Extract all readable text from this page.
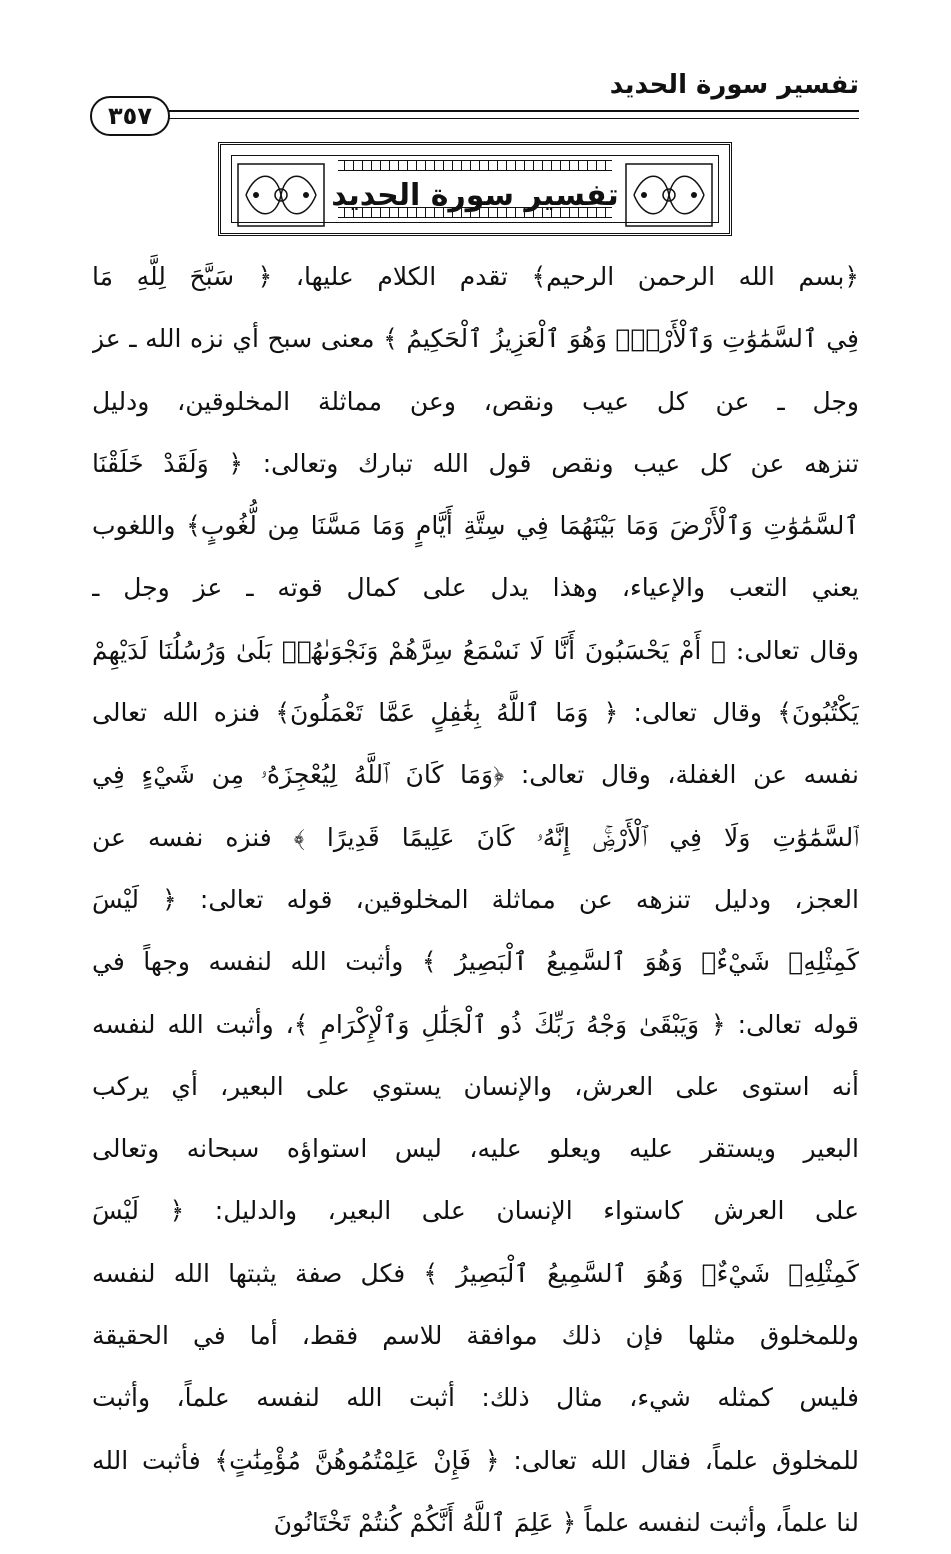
تفسير سورة الحديد
٣٥٧
تفسير سورة الحديد
﴿بسم الله الرحمن الرحيم﴾ تقدم الكلام عليها، ﴿ سَبَّحَ لِلَّهِ مَا
فِي ٱلسَّمَٰوَٰتِ وَٱلْأَرْضِۖ وَهُوَ ٱلْعَزِيزُ ٱلْحَكِيمُ ﴾ معنى سبح أي نزه الله ـ عز
وجل ـ عن كل عيب ونقص، وعن مماثلة المخلوقين، ودليل
تنزهه عن كل عيب ونقص قول الله تبارك وتعالى: ﴿ وَلَقَدْ خَلَقْنَا
ٱلسَّمَٰوَٰتِ وَٱلْأَرْضَ وَمَا بَيْنَهُمَا فِي سِتَّةِ أَيَّامٍ وَمَا مَسَّنَا مِن لُّغُوبٍ﴾ واللغوب
يعني التعب والإعياء، وهذا يدل على كمال قوته ـ عز وجل ـ
وقال تعالى: ﴿ أَمْ يَحْسَبُونَ أَنَّا لَا نَسْمَعُ سِرَّهُمْ وَنَجْوَىٰهُمۚ بَلَىٰ وَرُسُلُنَا لَدَيْهِمْ
يَكْتُبُونَ﴾ وقال تعالى: ﴿ وَمَا ٱللَّهُ بِغَٰفِلٍ عَمَّا تَعْمَلُونَ﴾ فنزه الله تعالى
نفسه عن الغفلة، وقال تعالى: ﴿وَمَا كَانَ ٱللَّهُ لِيُعْجِزَهُۥ مِن شَيْءٍ فِي
ٱلسَّمَٰوَٰتِ وَلَا فِي ٱلْأَرْضِۚ إِنَّهُۥ كَانَ عَلِيمًا قَدِيرًا ﴾ فنزه نفسه عن
العجز، ودليل تنزهه عن مماثلة المخلوقين، قوله تعالى: ﴿ لَيْسَ
كَمِثْلِهِۦ شَيْءٌۖ وَهُوَ ٱلسَّمِيعُ ٱلْبَصِيرُ ﴾ وأثبت الله لنفسه وجهاً في
قوله تعالى: ﴿ وَيَبْقَىٰ وَجْهُ رَبِّكَ ذُو ٱلْجَلَٰلِ وَٱلْإِكْرَامِ ﴾، وأثبت الله لنفسه
أنه استوى على العرش، والإنسان يستوي على البعير، أي يركب
البعير ويستقر عليه ويعلو عليه، ليس استواؤه سبحانه وتعالى
على العرش كاستواء الإنسان على البعير، والدليل: ﴿ لَيْسَ
كَمِثْلِهِۦ شَيْءٌۖ وَهُوَ ٱلسَّمِيعُ ٱلْبَصِيرُ ﴾ فكل صفة يثبتها الله لنفسه
وللمخلوق مثلها فإن ذلك موافقة للاسم فقط، أما في الحقيقة
فليس كمثله شيء، مثال ذلك: أثبت الله لنفسه علماً، وأثبت
للمخلوق علماً، فقال الله تعالى: ﴿ فَإِنْ عَلِمْتُمُوهُنَّ مُؤْمِنَٰتٍ﴾ فأثبت الله
لنا علماً، وأثبت لنفسه علماً ﴿ عَلِمَ ٱللَّهُ أَنَّكُمْ كُنتُمْ تَخْتَانُونَ
